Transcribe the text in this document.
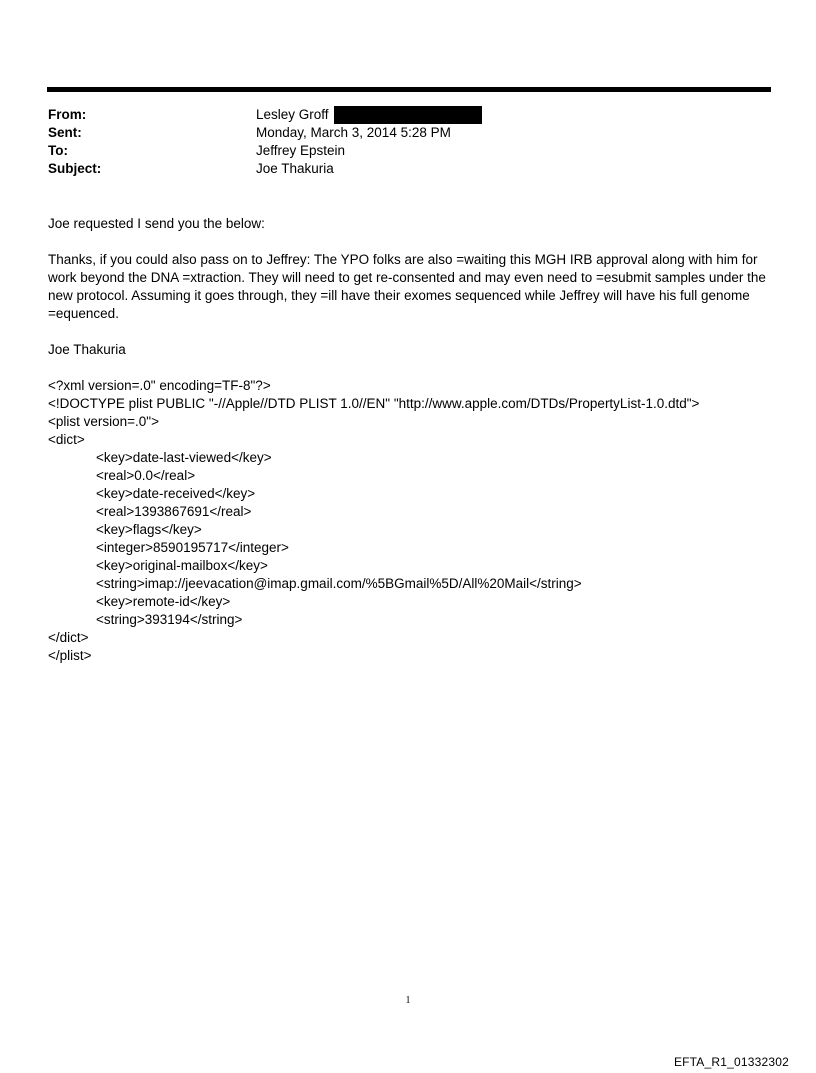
From:	Lesley Groff
Sent:	Monday, March 3, 2014 5:28 PM
To:	Jeffrey Epstein
Subject:	Joe Thakuria

Joe requested I send you the below:

Thanks, if you could also pass on to Jeffrey: The YPO folks are also =waiting this MGH IRB approval along with him for work beyond the DNA =xtraction. They will need to get re-consented and may even need to =esubmit samples under the new protocol. Assuming it goes through, they =ill have their exomes sequenced while Jeffrey will have his full genome =equenced.

Joe Thakuria

<?xml version=.0" encoding=TF-8"?>
<!DOCTYPE plist PUBLIC "-//Apple//DTD PLIST 1.0//EN" "http://www.apple.com/DTDs/PropertyList-1.0.dtd">
<plist version=.0">
<dict>
<key>date-last-viewed</key>
<real>0.0</real>
<key>date-received</key>
<real>1393867691</real>
<key>flags</key>
<integer>8590195717</integer>
<key>original-mailbox</key>
<string>imap://jeevacation@imap.gmail.com/%5BGmail%5D/All%20Mail</string>
<key>remote-id</key>
<string>393194</string>
</dict>
</plist>
1
EFTA_R1_01332302
